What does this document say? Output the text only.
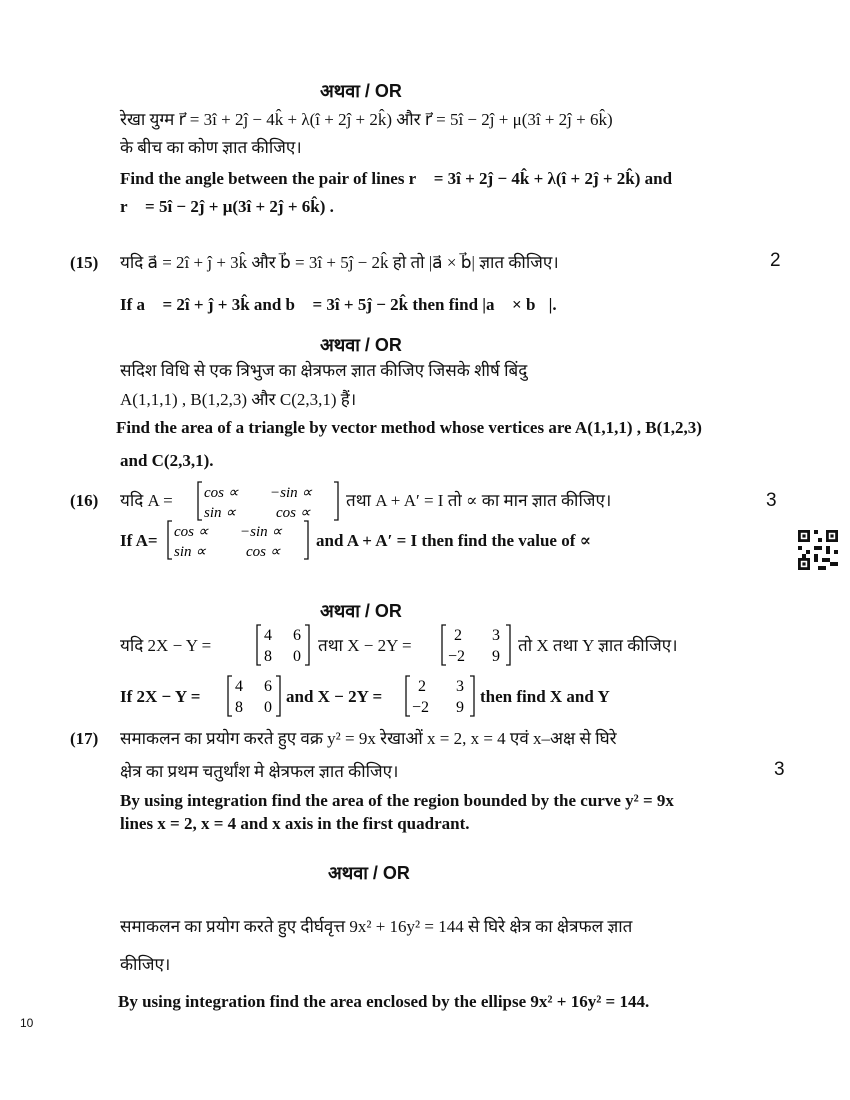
अथवा / OR
रेखा युग्म r⃗ = 3î + 2ĵ − 4k̂ + λ(î + 2ĵ + 2k̂) और r⃗ = 5î − 2ĵ + μ(3î + 2ĵ + 6k̂)
के बीच का कोण ज्ञात कीजिए।
Find the angle between the pair of lines r⃗ = 3î + 2ĵ − 4k̂ + λ(î + 2ĵ + 2k̂) and
r⃗ = 5î − 2ĵ + μ(3î + 2ĵ + 6k̂) .
(15) यदि a⃗ = 2î + ĵ + 3k̂ और b⃗ = 3î + 5ĵ − 2k̂ हो तो |a⃗ × b⃗| ज्ञात कीजिए।	2
If a⃗ = 2î + ĵ + 3k̂ and b⃗ = 3î + 5ĵ − 2k̂ then find |a⃗ × b⃗|.
अथवा / OR
सदिश विधि से एक त्रिभुज का क्षेत्रफल ज्ञात कीजिए जिसके शीर्ष बिंदु
A(1,1,1) , B(1,2,3) और C(2,3,1) हैं।
Find the area of a triangle by vector method whose vertices are A(1,1,1) , B(1,2,3)
and C(2,3,1).
(16) यदि A = cos ∝ −sin ∝
sin ∝	cos ∝
तथा A + A′ = I तो ∝ का मान ज्ञात कीजिए।	3
If A= cos ∝ −sin ∝
sin ∝	cos ∝
and A + A′ = I then find the value of ∝
अथवा / OR
यदि 2X − Y =
4 6
8 0
तथा X − 2Y =
2 3
−2 9
तो X तथा Y ज्ञात कीजिए।
If 2X − Y =
4 6
8 0
and X − 2Y =
2 3
−2 9
then find X and Y
(17) समाकलन का प्रयोग करते हुए वक्र y² = 9x रेखाओं x = 2, x = 4 एवं x–अक्ष से घिरे
क्षेत्र का प्रथम चतुर्थांश मे क्षेत्रफल ज्ञात कीजिए।	3
By using integration find the area of the region bounded by the curve y² = 9x
lines x = 2, x = 4 and x axis in the first quadrant.
अथवा / OR
समाकलन का प्रयोग करते हुए दीर्घवृत्त 9x² + 16y² = 144 से घिरे क्षेत्र का क्षेत्रफल ज्ञात
कीजिए।
By using integration find the area enclosed by the ellipse 9x² + 16y² = 144.
10
